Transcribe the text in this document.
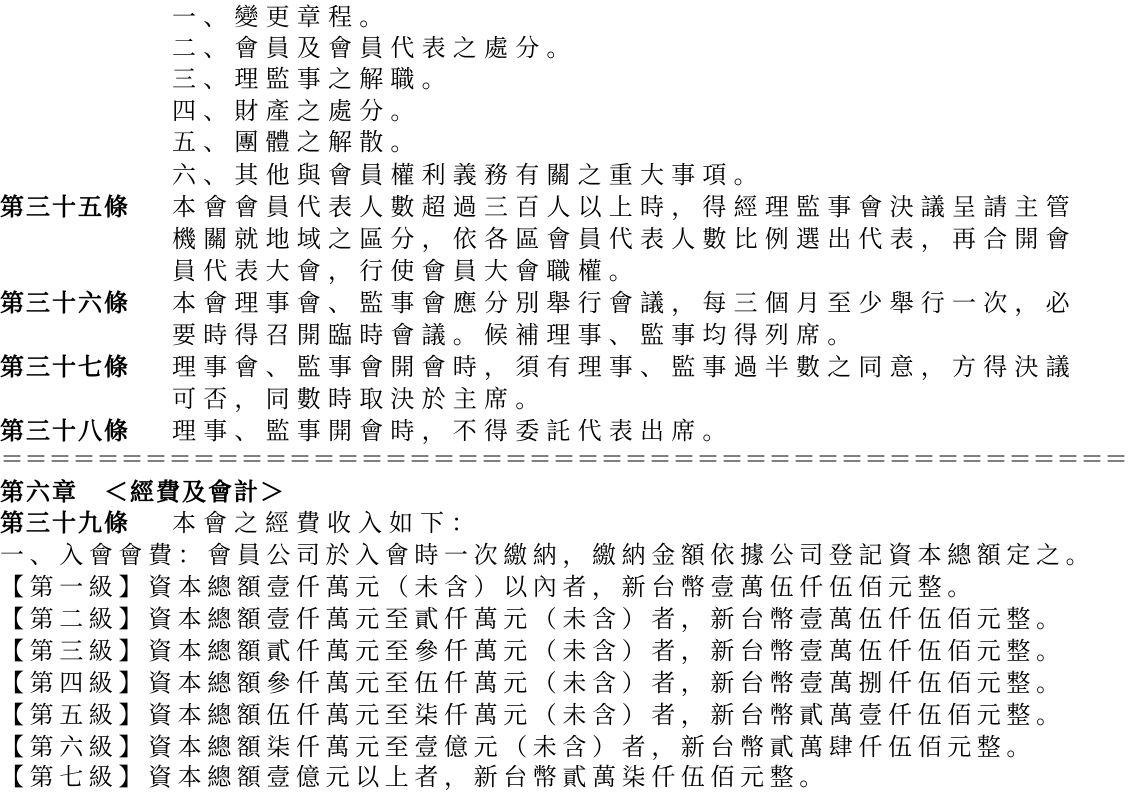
一、變更章程。
二、會員及會員代表之處分。
三、理監事之解職。
四、財產之處分。
五、團體之解散。
六、其他與會員權利義務有關之重大事項。
第三十五條	本會會員代表人數超過三百人以上時，得經理監事會決議呈請主管
機關就地域之區分，依各區會員代表人數比例選出代表，再合開會
員代表大會，行使會員大會職權。
第三十六條	本會理事會、監事會應分別舉行會議，每三個月至少舉行一次，必
要時得召開臨時會議。候補理事、監事均得列席。
第三十七條	理事會、監事會開會時，須有理事、監事過半數之同意，方得決議
可否，同數時取決於主席。
第三十八條	理事、監事開會時，不得委託代表出席。
＝＝＝＝＝＝＝＝＝＝＝＝＝＝＝＝＝＝＝＝＝＝＝＝＝＝＝＝＝＝＝＝＝＝＝＝＝＝＝＝＝＝＝＝＝＝＝
第六章　＜經費及會計＞
第三十九條	本會之經費收入如下：
一、入會會費：會員公司於入會時一次繳納，繳納金額依據公司登記資本總額定之。
【第一級】資本總額壹仟萬元（未含）以內者，新台幣壹萬伍仟伍佰元整。
【第二級】資本總額壹仟萬元至貳仟萬元（未含）者，新台幣壹萬伍仟伍佰元整。
【第三級】資本總額貳仟萬元至參仟萬元（未含）者，新台幣壹萬伍仟伍佰元整。
【第四級】資本總額參仟萬元至伍仟萬元（未含）者，新台幣壹萬捌仟伍佰元整。
【第五級】資本總額伍仟萬元至柒仟萬元（未含）者，新台幣貳萬壹仟伍佰元整。
【第六級】資本總額柒仟萬元至壹億元（未含）者，新台幣貳萬肆仟伍佰元整。
【第七級】資本總額壹億元以上者，新台幣貳萬柒仟伍佰元整。
